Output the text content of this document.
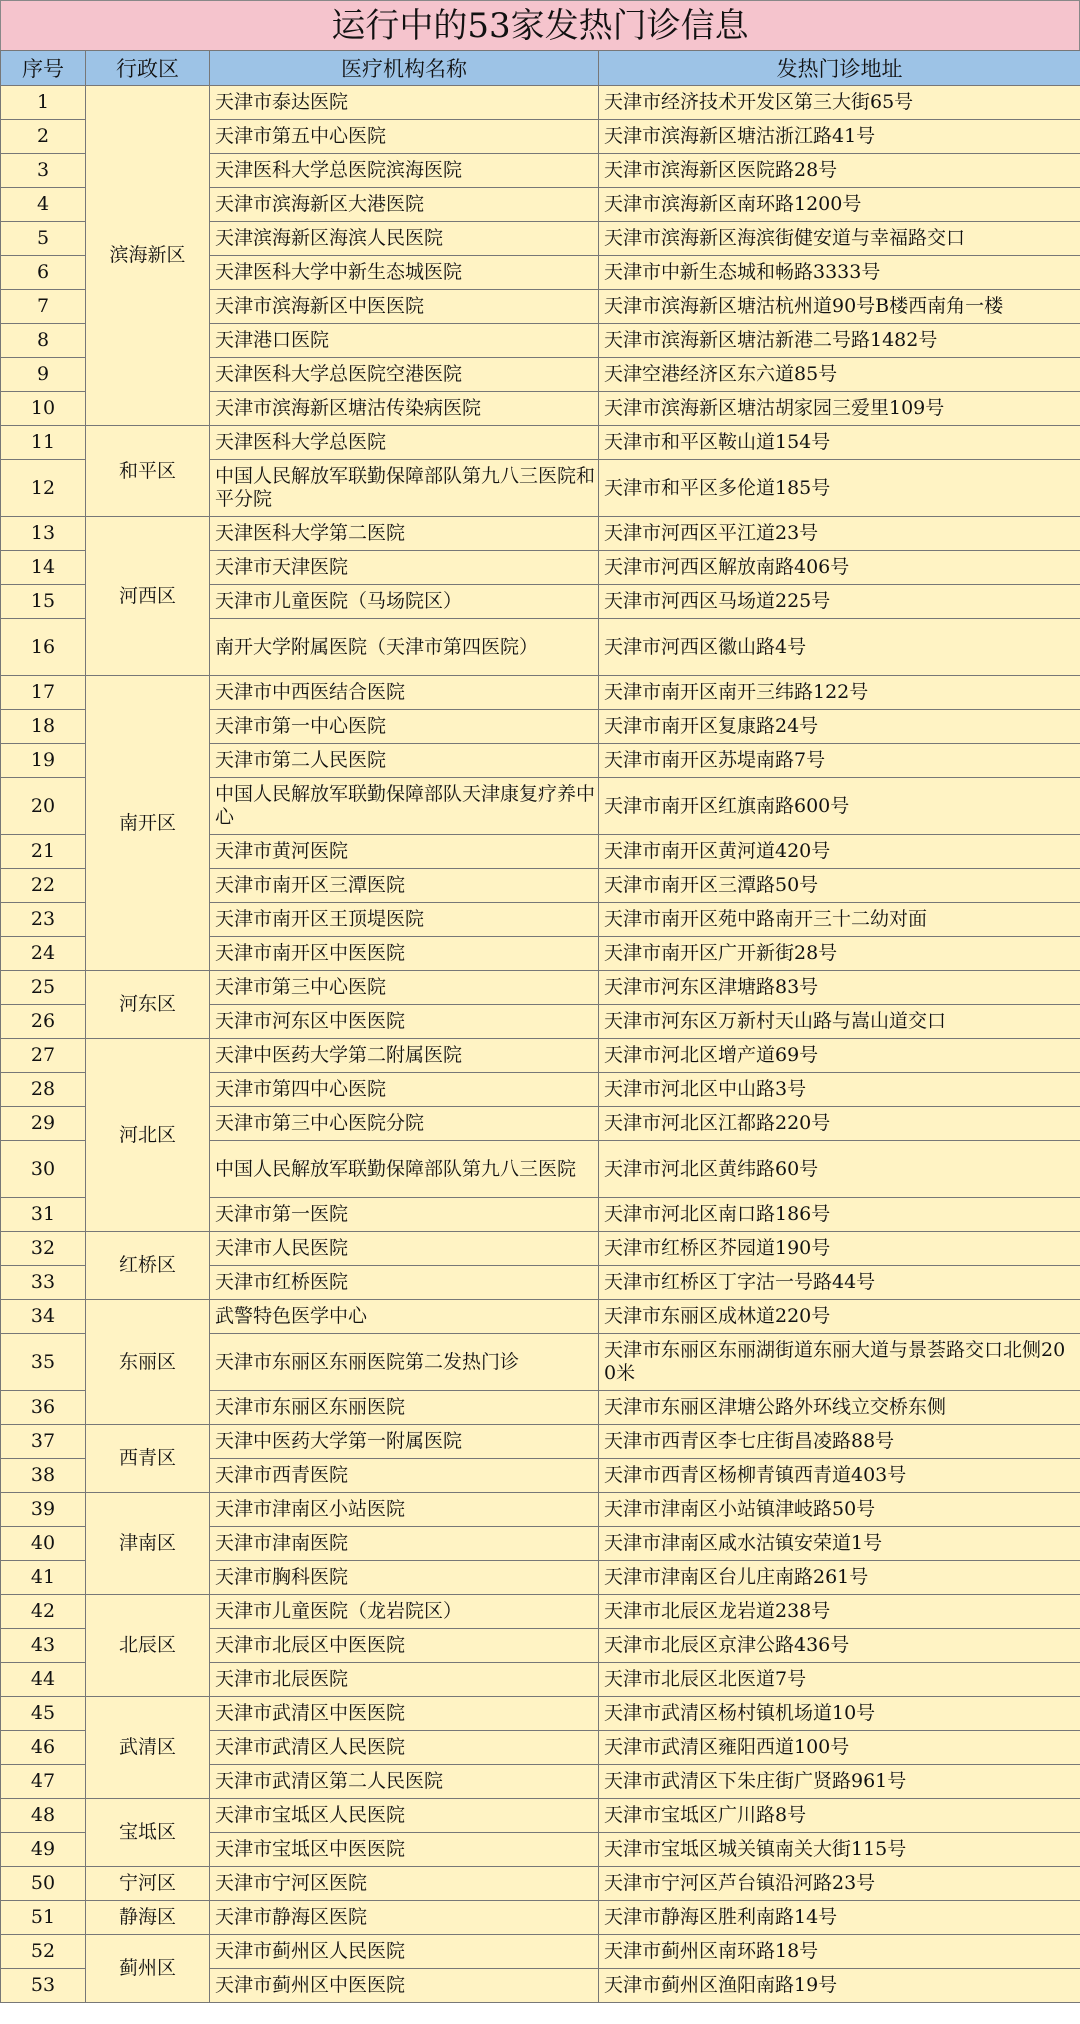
运行中的53家发热门诊信息
序号	行政区	医疗机构名称	发热门诊地址
1	滨海新区	天津市泰达医院	天津市经济技术开发区第三大街65号
2		天津市第五中心医院	天津市滨海新区塘沽浙江路41号
3		天津医科大学总医院滨海医院	天津市滨海新区医院路28号
4		天津市滨海新区大港医院	天津市滨海新区南环路1200号
5		天津滨海新区海滨人民医院	天津市滨海新区海滨街健安道与幸福路交口
6		天津医科大学中新生态城医院	天津市中新生态城和畅路3333号
7		天津市滨海新区中医医院	天津市滨海新区塘沽杭州道90号B楼西南角一楼
8		天津港口医院	天津市滨海新区塘沽新港二号路1482号
9		天津医科大学总医院空港医院	天津空港经济区东六道85号
10		天津市滨海新区塘沽传染病医院	天津市滨海新区塘沽胡家园三爱里109号
11	和平区	天津医科大学总医院	天津市和平区鞍山道154号
12		中国人民解放军联勤保障部队第九八三医院和平分院	天津市和平区多伦道185号
13	河西区	天津医科大学第二医院	天津市河西区平江道23号
14		天津市天津医院	天津市河西区解放南路406号
15		天津市儿童医院（马场院区）	天津市河西区马场道225号
16		南开大学附属医院（天津市第四医院）	天津市河西区徽山路4号
17	南开区	天津市中西医结合医院	天津市南开区南开三纬路122号
18		天津市第一中心医院	天津市南开区复康路24号
19		天津市第二人民医院	天津市南开区苏堤南路7号
20		中国人民解放军联勤保障部队天津康复疗养中心	天津市南开区红旗南路600号
21		天津市黄河医院	天津市南开区黄河道420号
22		天津市南开区三潭医院	天津市南开区三潭路50号
23		天津市南开区王顶堤医院	天津市南开区苑中路南开三十二幼对面
24		天津市南开区中医医院	天津市南开区广开新街28号
25	河东区	天津市第三中心医院	天津市河东区津塘路83号
26		天津市河东区中医医院	天津市河东区万新村天山路与嵩山道交口
27	河北区	天津中医药大学第二附属医院	天津市河北区增产道69号
28		天津市第四中心医院	天津市河北区中山路3号
29		天津市第三中心医院分院	天津市河北区江都路220号
30		中国人民解放军联勤保障部队第九八三医院	天津市河北区黄纬路60号
31		天津市第一医院	天津市河北区南口路186号
32	红桥区	天津市人民医院	天津市红桥区芥园道190号
33		天津市红桥医院	天津市红桥区丁字沽一号路44号
34	东丽区	武警特色医学中心	天津市东丽区成林道220号
35		天津市东丽区东丽医院第二发热门诊	天津市东丽区东丽湖街道东丽大道与景荟路交口北侧200米
36		天津市东丽区东丽医院	天津市东丽区津塘公路外环线立交桥东侧
37	西青区	天津中医药大学第一附属医院	天津市西青区李七庄街昌凌路88号
38		天津市西青医院	天津市西青区杨柳青镇西青道403号
39	津南区	天津市津南区小站医院	天津市津南区小站镇津岐路50号
40		天津市津南医院	天津市津南区咸水沽镇安荣道1号
41		天津市胸科医院	天津市津南区台儿庄南路261号
42	北辰区	天津市儿童医院（龙岩院区）	天津市北辰区龙岩道238号
43		天津市北辰区中医医院	天津市北辰区京津公路436号
44		天津市北辰医院	天津市北辰区北医道7号
45	武清区	天津市武清区中医医院	天津市武清区杨村镇机场道10号
46		天津市武清区人民医院	天津市武清区雍阳西道100号
47		天津市武清区第二人民医院	天津市武清区下朱庄街广贤路961号
48	宝坻区	天津市宝坻区人民医院	天津市宝坻区广川路8号
49		天津市宝坻区中医医院	天津市宝坻区城关镇南关大街115号
50	宁河区	天津市宁河区医院	天津市宁河区芦台镇沿河路23号
51	静海区	天津市静海区医院	天津市静海区胜利南路14号
52	蓟州区	天津市蓟州区人民医院	天津市蓟州区南环路18号
53		天津市蓟州区中医医院	天津市蓟州区渔阳南路19号
